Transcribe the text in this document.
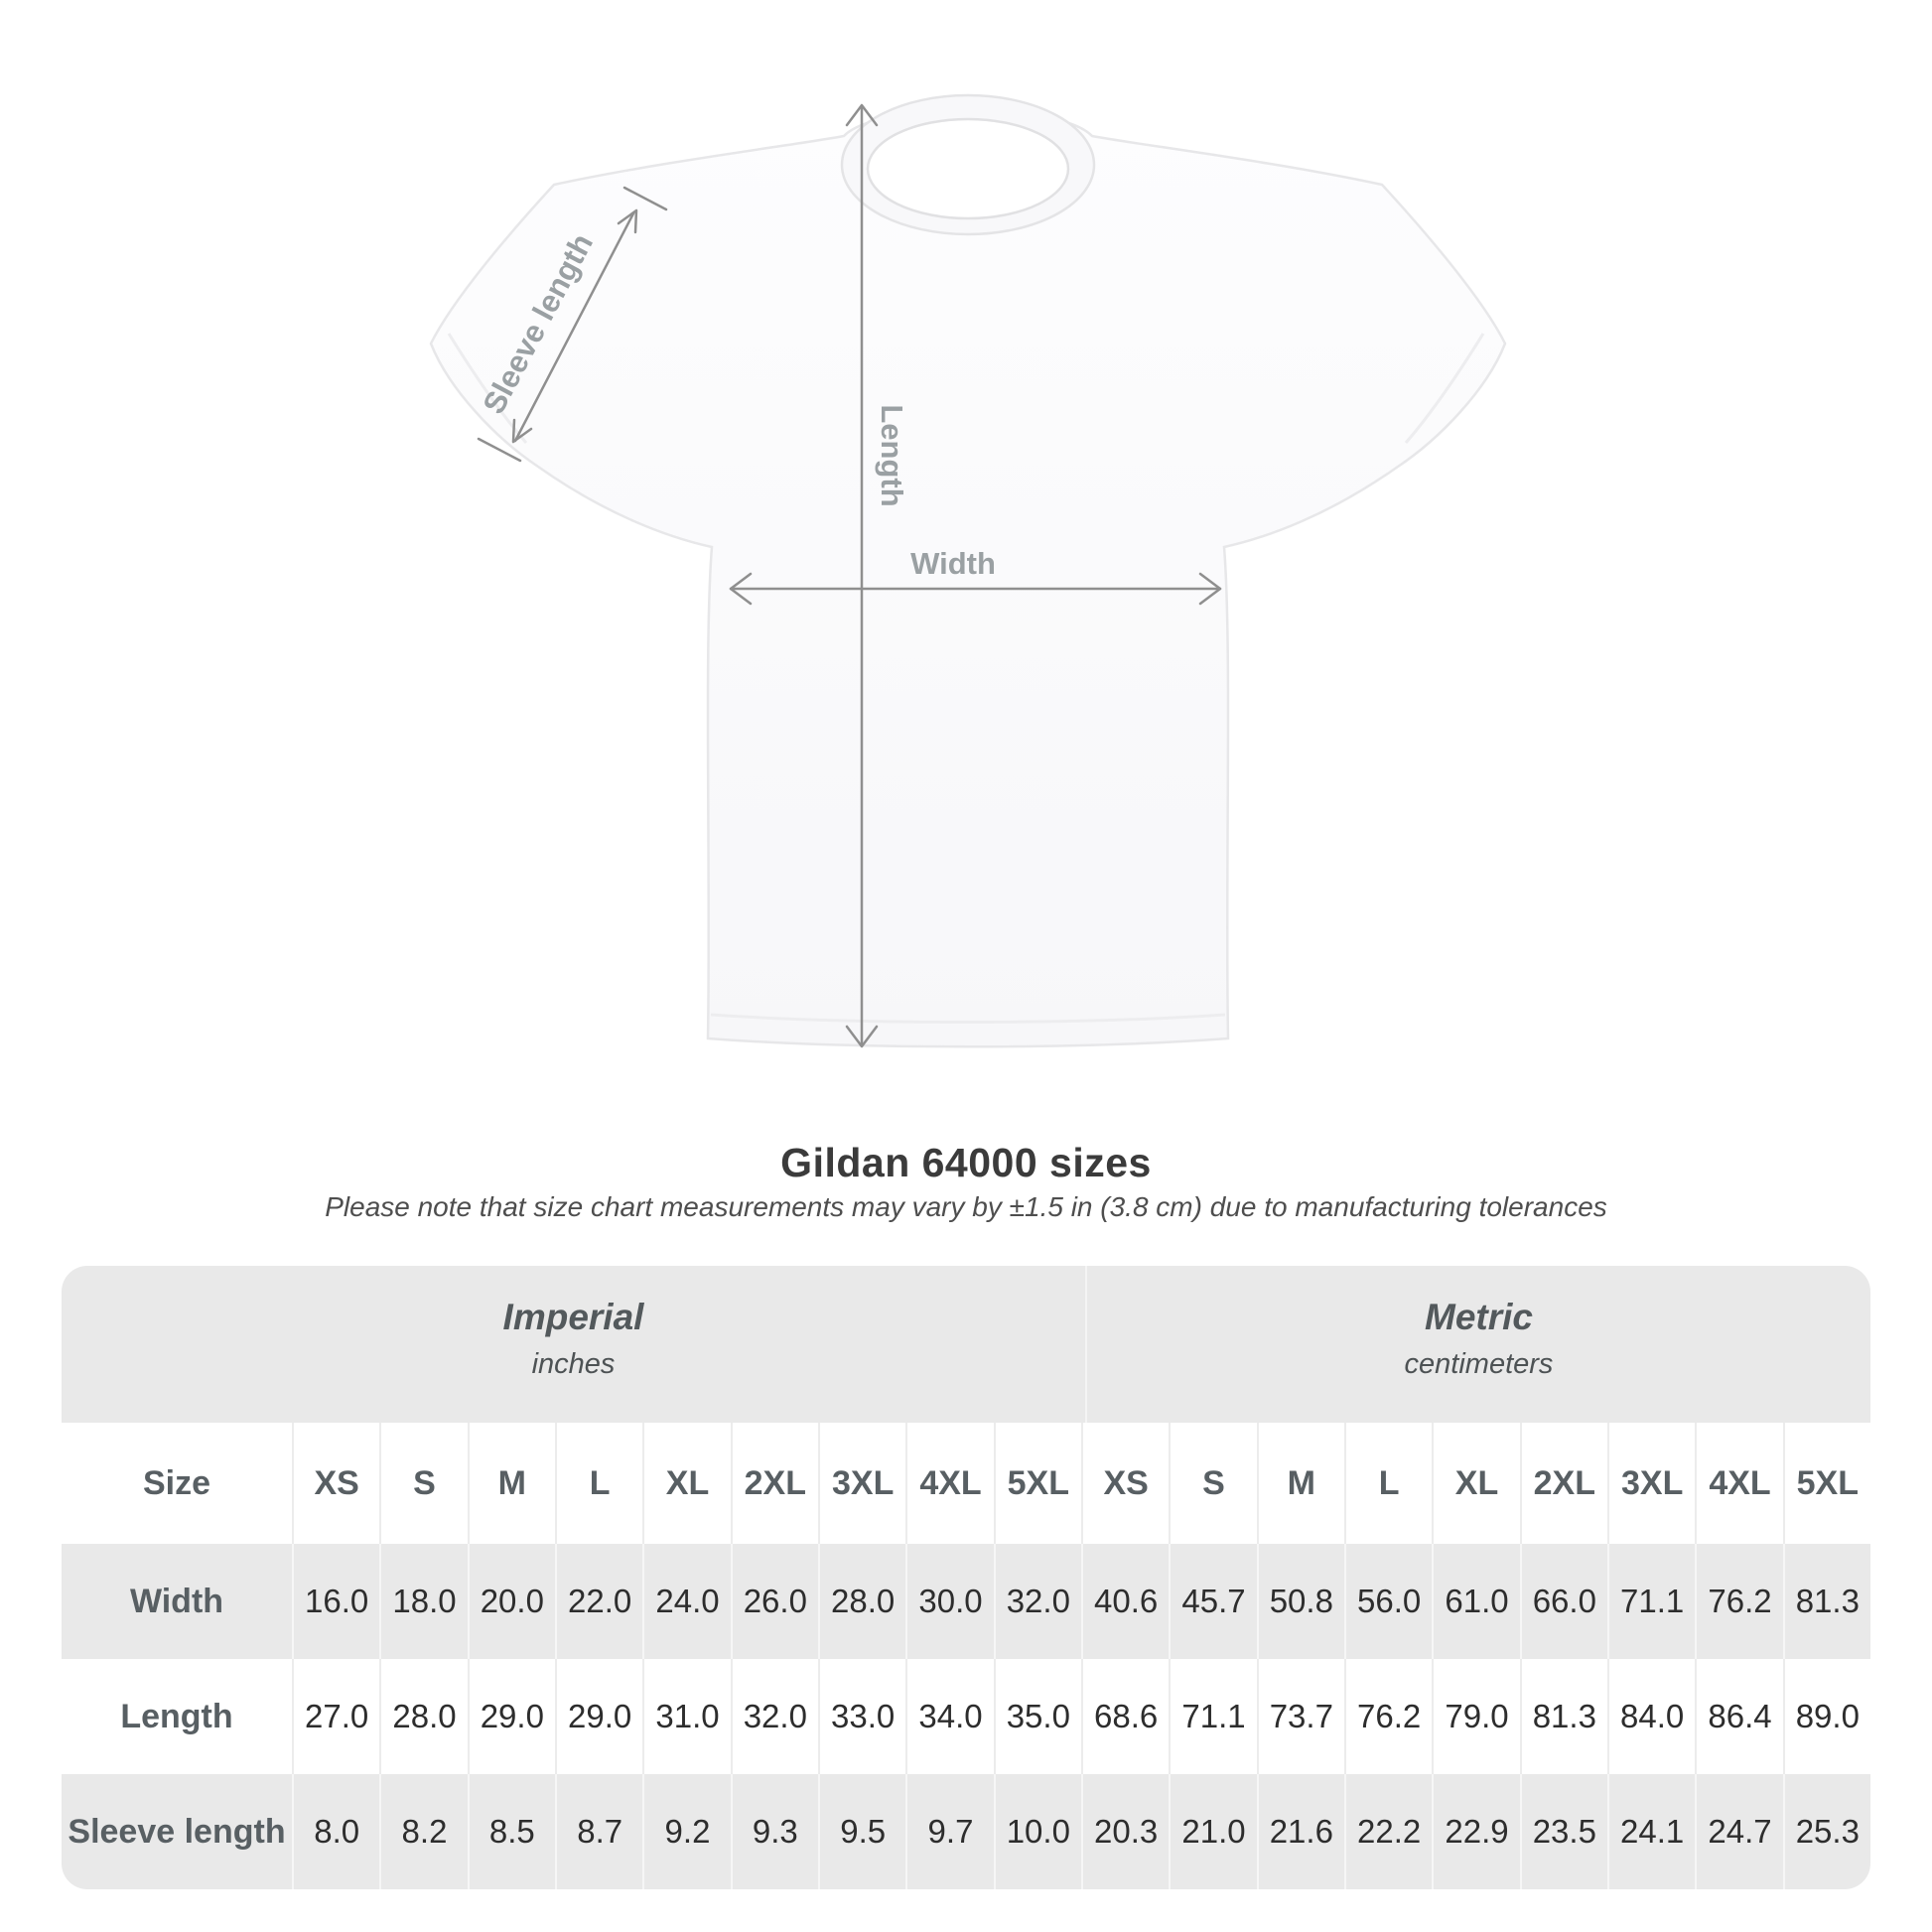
Sleeve length
Length
Width
Gildan 64000 sizes
Please note that size chart measurements may vary by ±1.5 in (3.8 cm) due to manufacturing tolerances
Imperial
inches
Metric
centimeters
Size	XS	S	M	L	XL	2XL 3XL 4XL 5XL	XS	S	M	L	XL	2XL 3XL 4XL 5XL
Width	16.0 18.0 20.0 22.0 24.0 26.0 28.0 30.0 32.0 40.6 45.7 50.8 56.0 61.0 66.0 71.1 76.2 81.3
Length	27.0 28.0 29.0 29.0 31.0 32.0 33.0 34.0 35.0 68.6 71.1 73.7 76.2 79.0 81.3 84.0 86.4 89.0
Sleeve length 8.0	8.2	8.5	8.7	9.2	9.3	9.5	9.7	10.0 20.3 21.0 21.6 22.2 22.9 23.5 24.1 24.7 25.3
